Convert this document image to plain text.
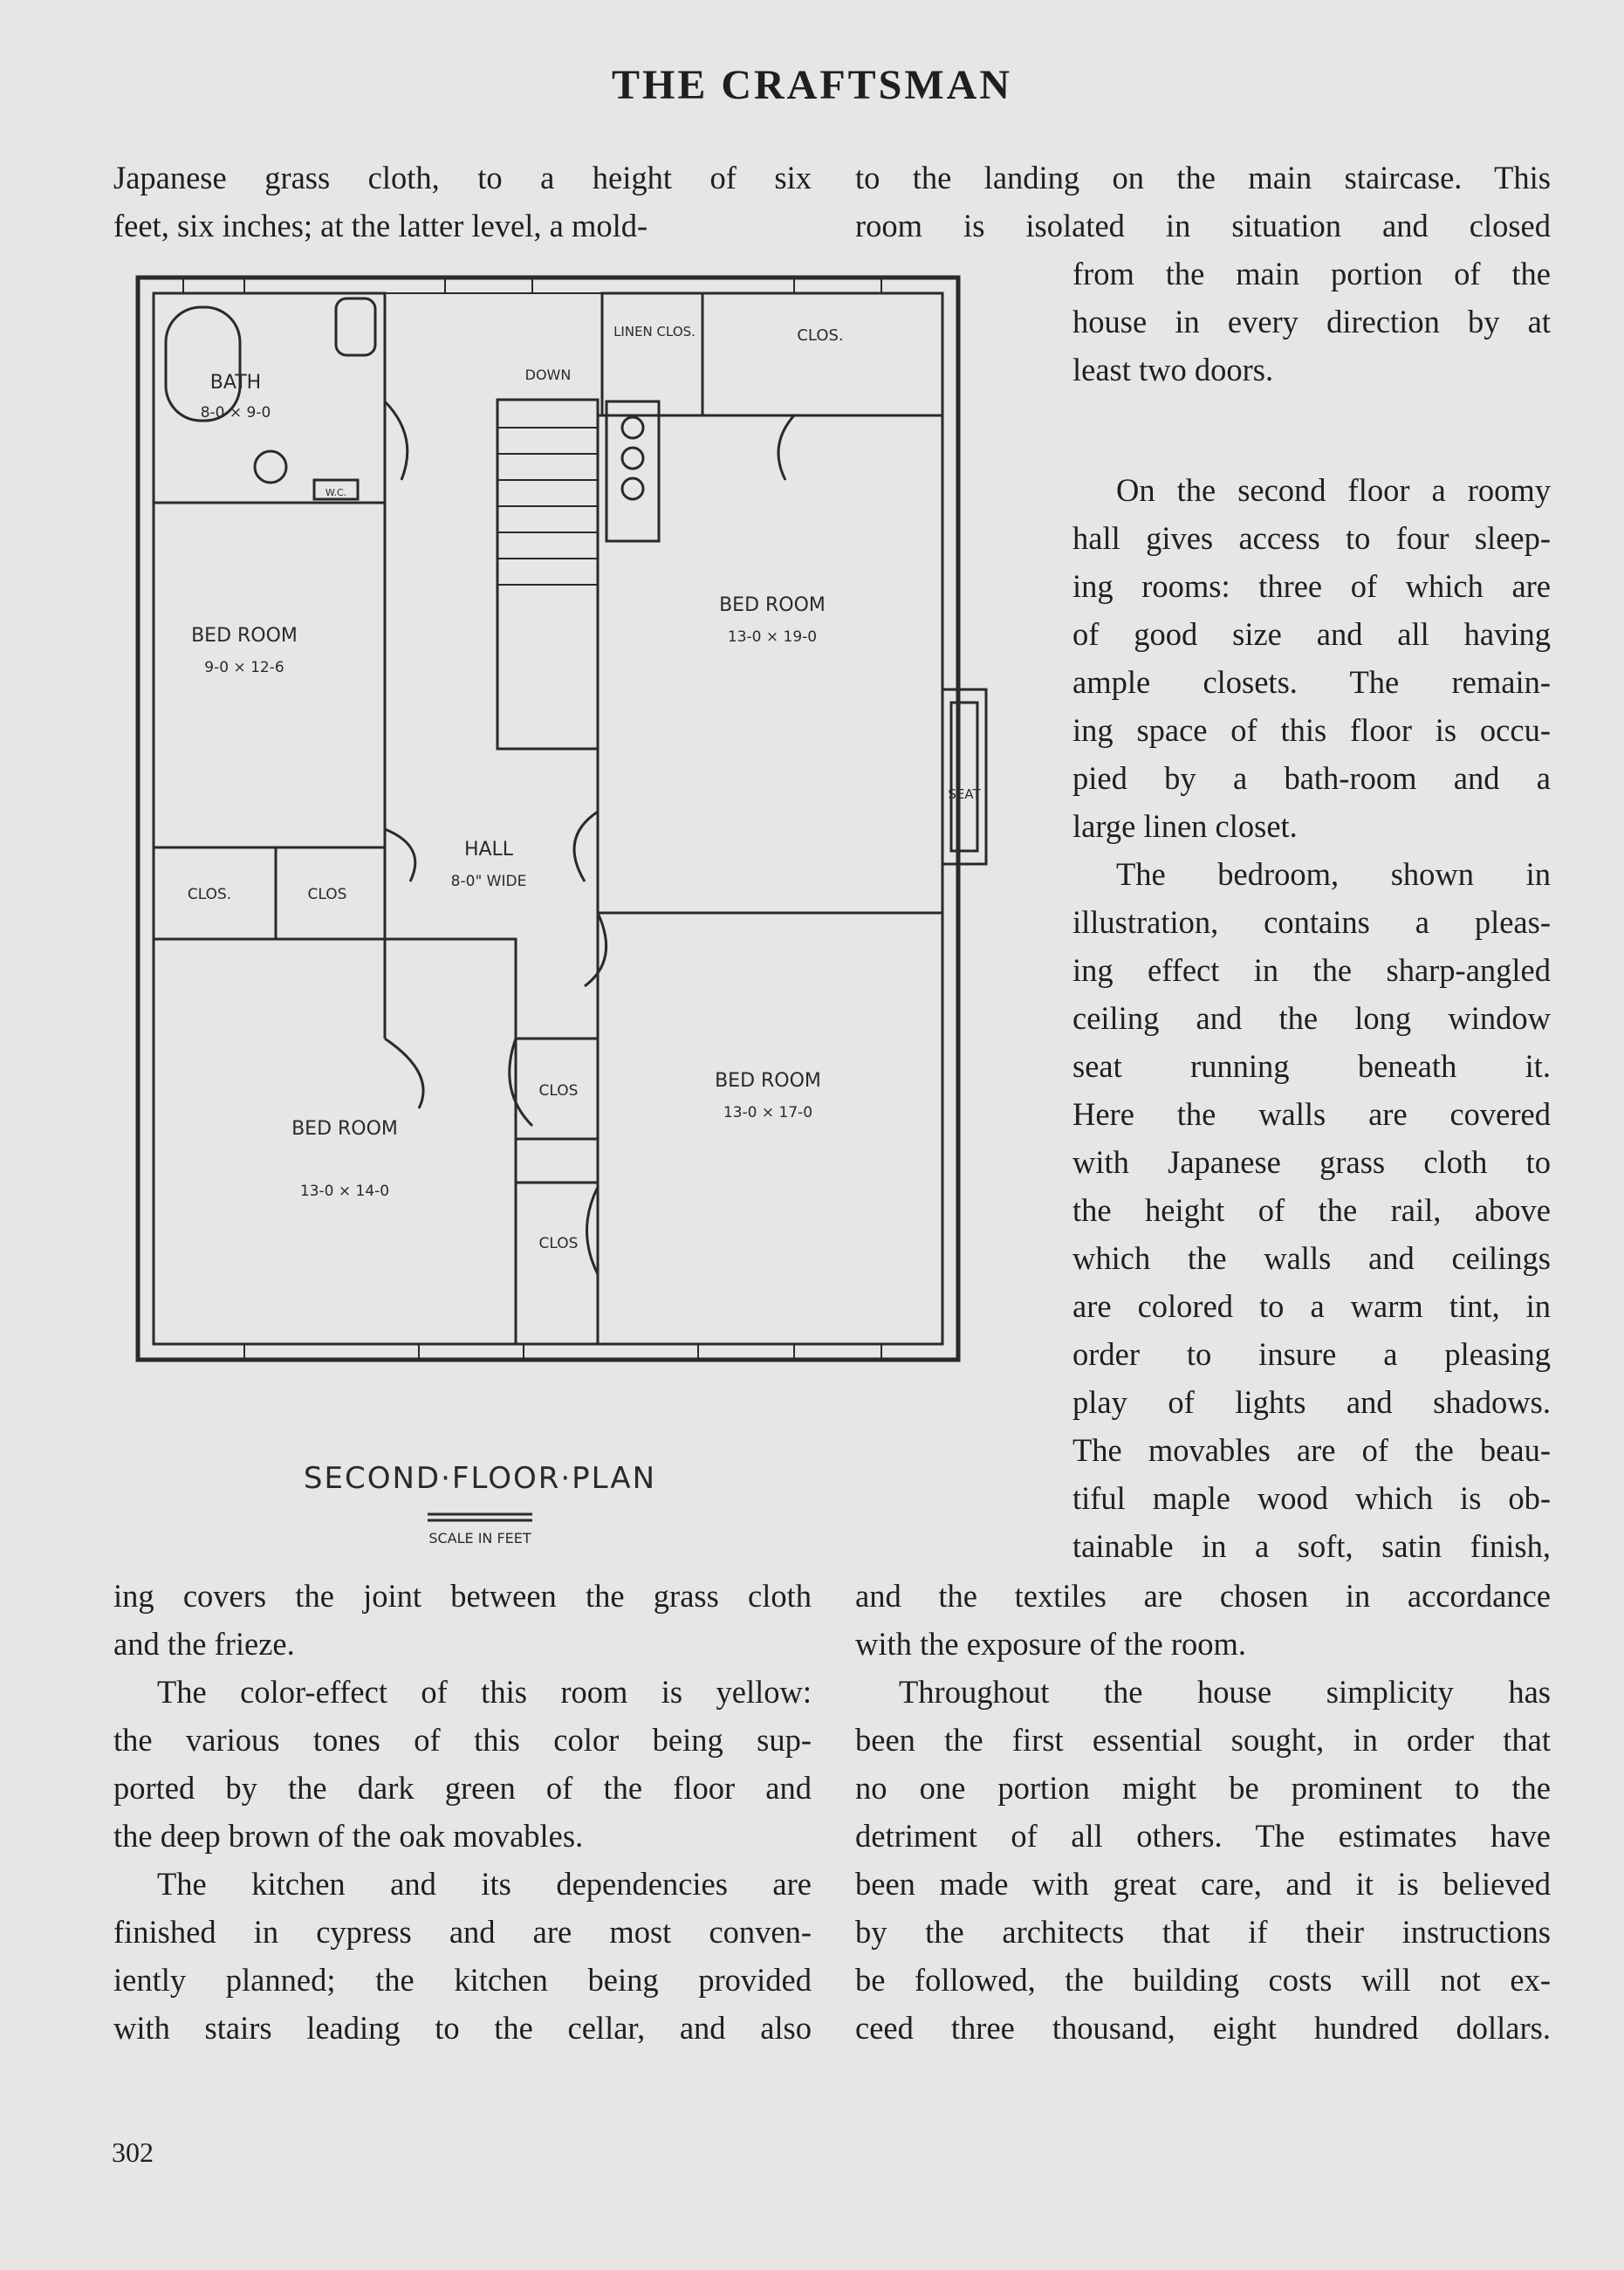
THE CRAFTSMAN
Japanese grass cloth, to a height of six
feet, six inches; at the latter level, a mold-
to the landing on the main staircase. This
room is isolated in situation and closed
from the main portion of the
house in every direction by at
least two doors.
On the second floor a roomy
hall gives access to four sleep-
ing rooms: three of which are
of good size and all having
ample closets. The remain-
ing space of this floor is occu-
pied by a bath-room and a
large linen closet.
The bedroom, shown in
illustration, contains a pleas-
ing effect in the sharp-angled
ceiling and the long window
seat running beneath it.
Here the walls are covered
with Japanese grass cloth to
the height of the rail, above
which the walls and ceilings
are colored to a warm tint, in
order to insure a pleasing
play of lights and shadows.
The movables are of the beau-
tiful maple wood which is ob-
tainable in a soft, satin finish,
ing covers the joint between the grass cloth
and the frieze.
The color-effect of this room is yellow:
the various tones of this color being sup-
ported by the dark green of the floor and
the deep brown of the oak movables.
The kitchen and its dependencies are
finished in cypress and are most conven-
iently planned; the kitchen being provided
with stairs leading to the cellar, and also
and the textiles are chosen in accordance
with the exposure of the room.
Throughout the house simplicity has
been the first essential sought, in order that
no one portion might be prominent to the
detriment of all others. The estimates have
been made with great care, and it is believed
by the architects that if their instructions
be followed, the building costs will not ex-
ceed three thousand, eight hundred dollars.
BATH
8-0 × 9-0
LINEN CLOS.	CLOS.
DOWN
BED ROOM
13-0 × 19-0
BED ROOM
9-0 × 12-6
SEAT
HALL
8-0" WIDE
CLOS.	CLOS
CLOS	BED ROOM
13-0 × 17-0
BED ROOM
13-0 × 14-0
CLOS
W.C.
SECOND·FLOOR·PLAN
SCALE IN FEET
302
